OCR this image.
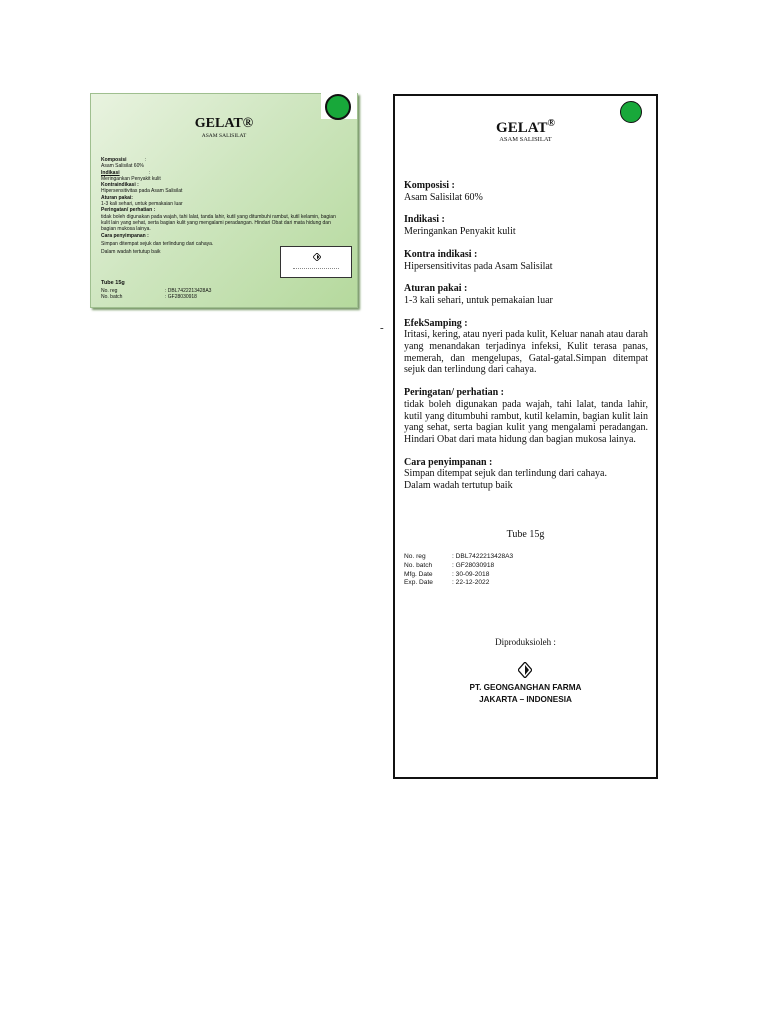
GELAT®
ASAM SALISILAT
Komposisi	:
Asam Salisilat 60%
Indikasi	:
Meringankan Penyakit kulit
Kontraindikasi :
Hipersensitivitas pada Asam Salisilat
Aturan pakai:
1-3 kali sehari, untuk pemakaian luar
Peringatan/ perhatian :
tidak boleh digunakan pada wajah, tahi lalat, tanda lahir, kutil yang ditumbuhi rambut, kutil kelamin, bagian kulit lain yang sehat, serta bagian kulit yang mengalami peradangan. Hindari Obat dari mata hidung dan bagian mukosa lainya.
Cara penyimpanan :
Simpan ditempat sejuk dan terlindung dari cahaya.
Dalam wadah tertutup baik
Tube 15g
No. reg	: DBL7422213428A3
No. batch	: GF28030918
-
GELAT®
ASAM SALISILAT
Komposisi :
Asam Salisilat 60%
Indikasi :
Meringankan Penyakit kulit
Kontra indikasi :
Hipersensitivitas pada Asam Salisilat
Aturan pakai :
1-3 kali sehari, untuk pemakaian luar
EfekSamping :
Iritasi, kering, atau nyeri pada kulit, Keluar nanah atau darah yang menandakan terjadinya infeksi, Kulit terasa panas, memerah, dan mengelupas, Gatal-gatal.Simpan ditempat sejuk dan terlindung dari cahaya.
Peringatan/ perhatian :
tidak boleh digunakan pada wajah, tahi lalat, tanda lahir, kutil yang ditumbuhi rambut, kutil kelamin, bagian kulit lain yang sehat, serta bagian kulit yang mengalami peradangan. Hindari Obat dari mata hidung dan bagian mukosa lainya.
Cara penyimpanan :
Simpan ditempat sejuk dan terlindung dari cahaya.
Dalam wadah tertutup baik
Tube 15g
No. reg	: DBL7422213428A3
No. batch	: GF28030918
Mfg. Date	: 30-09-2018
Exp. Date	: 22-12-2022
Diproduksioleh :
PT. GEONGANGHAN FARMA
JAKARTA – INDONESIA
